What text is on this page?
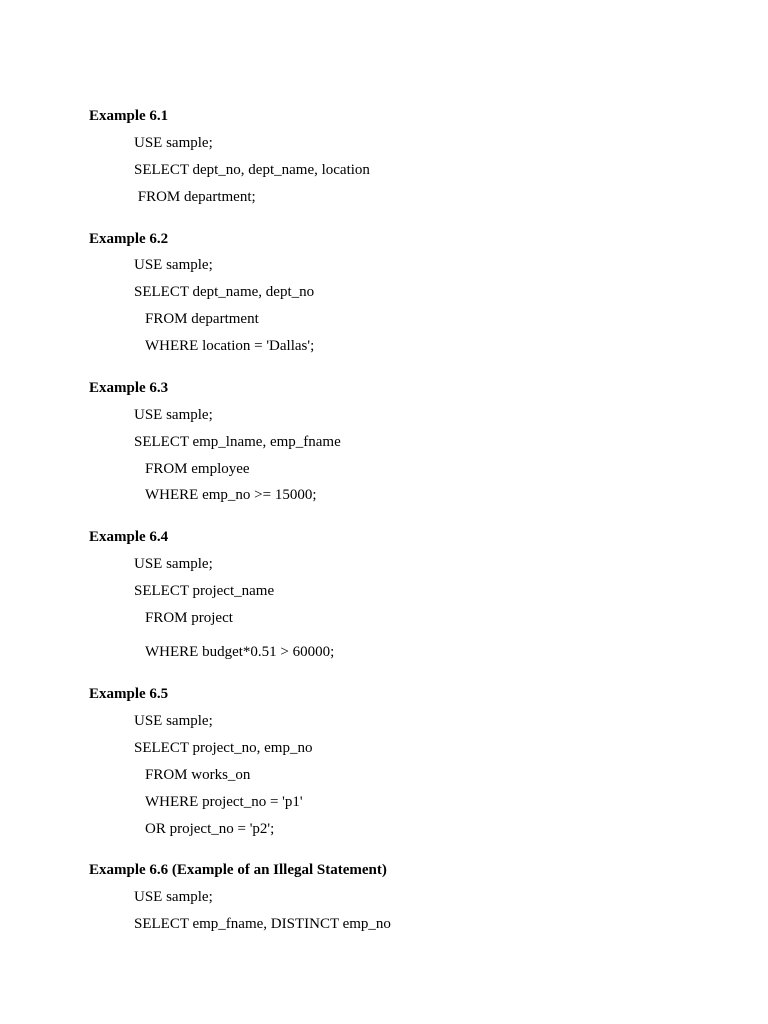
Example 6.1
USE sample;
SELECT dept_no, dept_name, location
FROM department;
Example 6.2
USE sample;
SELECT dept_name, dept_no
FROM department
WHERE location = 'Dallas';
Example 6.3
USE sample;
SELECT emp_lname, emp_fname
FROM employee
WHERE emp_no >= 15000;
Example 6.4
USE sample;
SELECT project_name
FROM project
WHERE budget*0.51 > 60000;
Example 6.5
USE sample;
SELECT project_no, emp_no
FROM works_on
WHERE project_no = 'p1'
OR project_no = 'p2';
Example 6.6 (Example of an Illegal Statement)
USE sample;
SELECT emp_fname, DISTINCT emp_no
